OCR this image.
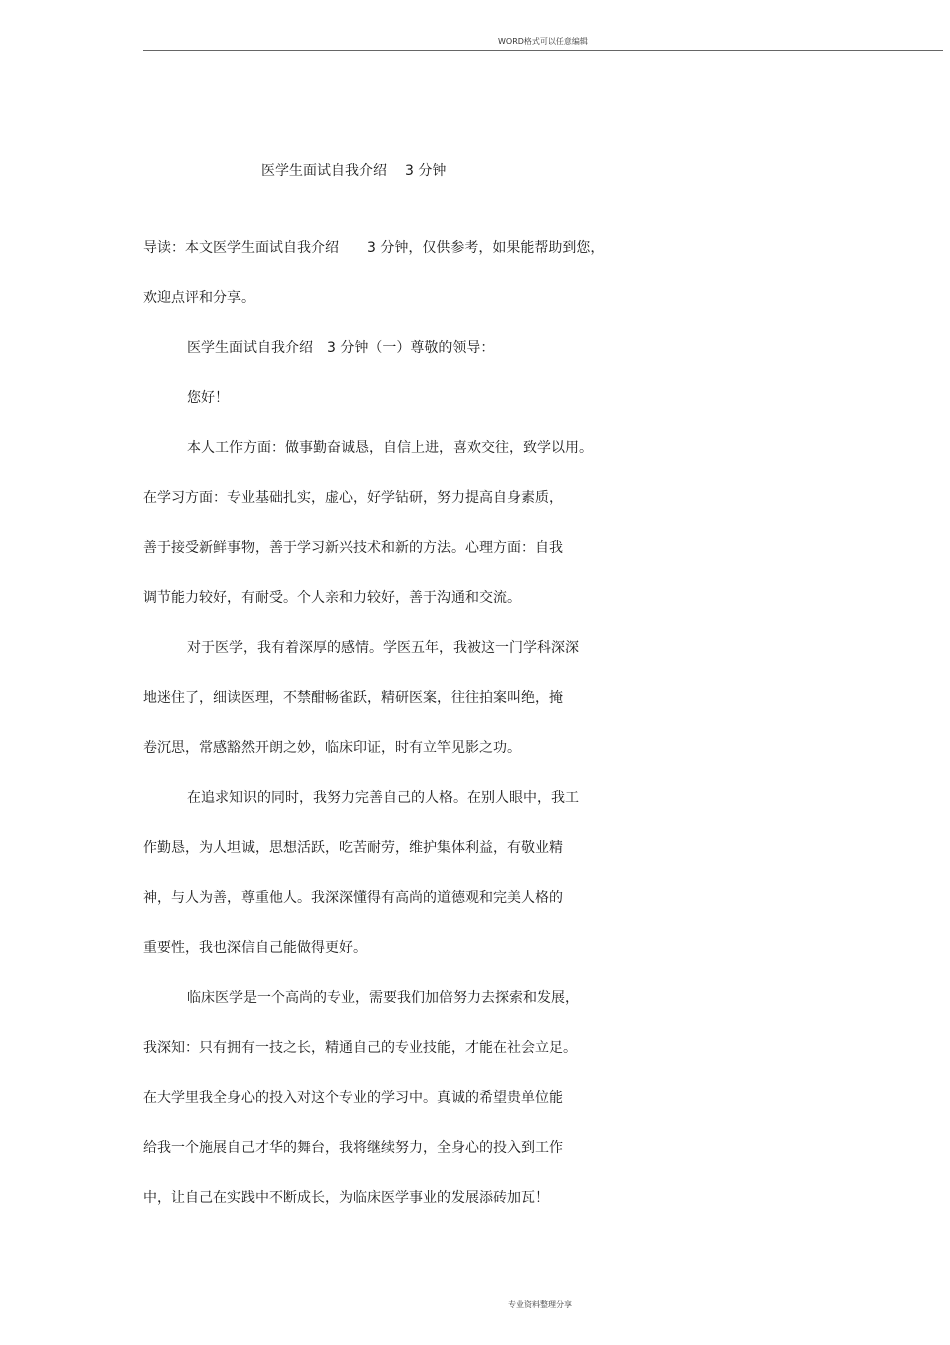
WORD格式可以任意编辑
医学生面试自我介绍 3 分钟
导读：本文医学生面试自我介绍　　3 分钟，仅供参考，如果能帮助到您，
欢迎点评和分享。
医学生面试自我介绍　3 分钟（一）尊敬的领导：
您好！
本人工作方面：做事勤奋诚恳，自信上进，喜欢交往，致学以用。
在学习方面：专业基础扎实，虚心，好学钻研，努力提高自身素质，
善于接受新鲜事物，善于学习新兴技术和新的方法。心理方面：自我
调节能力较好，有耐受。个人亲和力较好，善于沟通和交流。
对于医学，我有着深厚的感情。学医五年，我被这一门学科深深
地迷住了，细读医理，不禁酣畅雀跃，精研医案，往往拍案叫绝，掩
卷沉思，常感豁然开朗之妙，临床印证，时有立竿见影之功。
在追求知识的同时，我努力完善自己的人格。在别人眼中，我工
作勤恳，为人坦诚，思想活跃，吃苦耐劳，维护集体利益，有敬业精
神，与人为善，尊重他人。我深深懂得有高尚的道德观和完美人格的
重要性，我也深信自己能做得更好。
临床医学是一个高尚的专业，需要我们加倍努力去探索和发展，
我深知：只有拥有一技之长，精通自己的专业技能，才能在社会立足。
在大学里我全身心的投入对这个专业的学习中。真诚的希望贵单位能
给我一个施展自己才华的舞台，我将继续努力，全身心的投入到工作
中，让自己在实践中不断成长，为临床医学事业的发展添砖加瓦！
专业资料整理分享
